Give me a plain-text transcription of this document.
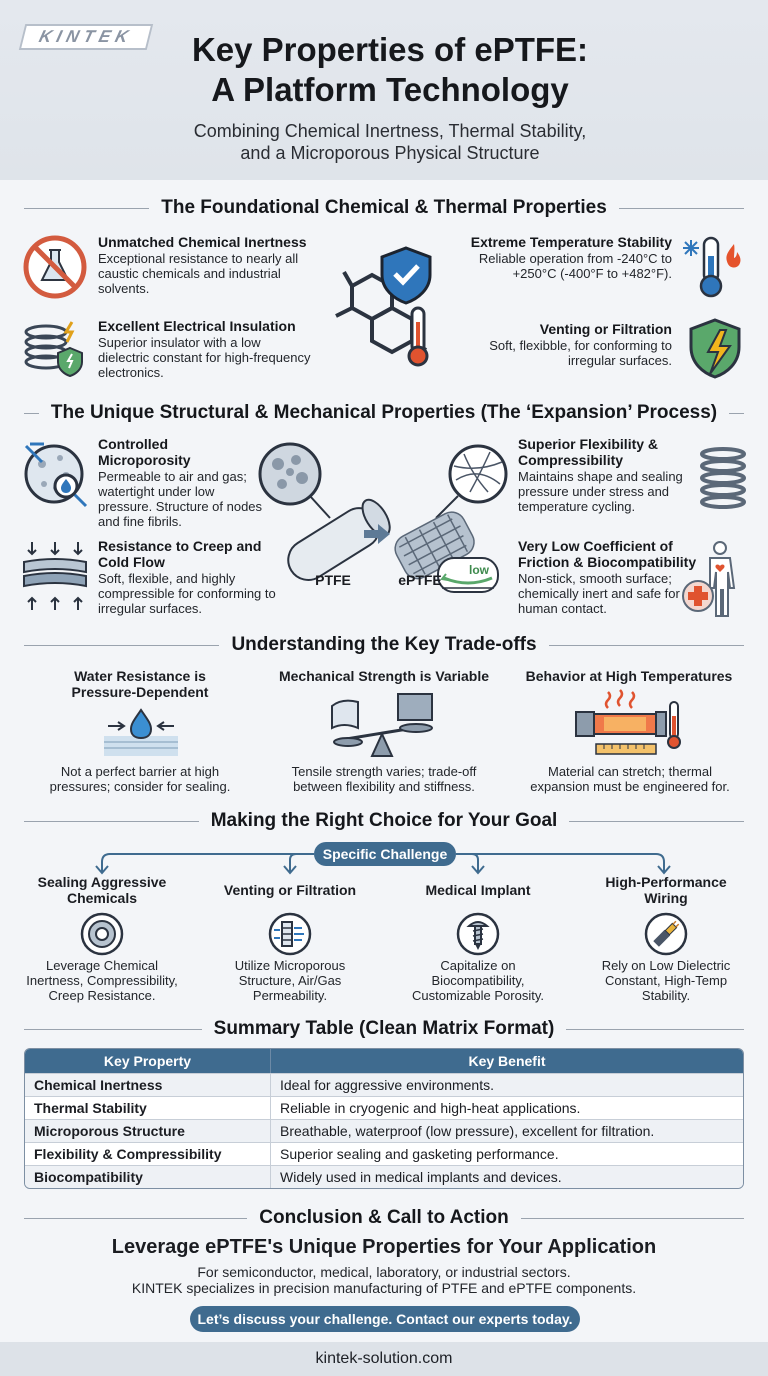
KINTEK	Key Properties of ePTFE:
A Platform Technology
Combining Chemical Inertness, Thermal Stability,
and a Microporous Physical Structure
The Foundational Chemical & Thermal Properties
Unmatched Chemical Inertness
Exceptional resistance to nearly all caustic chemicals and industrial solvents.
Excellent Electrical Insulation
Superior insulator with a low dielectric constant for high-frequency electronics.
Extreme Temperature Stability
Reliable operation from -240°C to +250°C (-400°F to +482°F).
Venting or Filtration
Soft, flexibble, for conforming to irregular surfaces.
The Unique Structural & Mechanical Properties (The ‘Expansion’ Process)
Controlled Microporosity
Permeable to air and gas; watertight under low pressure. Structure of nodes and fine fibrils.
Resistance to Creep and Cold Flow
Soft, flexible, and highly compressible for conforming to irregular surfaces.
PTFE	ePTFE
low
Superior Flexibility & Compressibility
Maintains shape and sealing pressure under stress and temperature cycling.
Very Low Coefficient of Friction & Biocompatibility
Non-stick, smooth surface; chemically inert and safe for human contact.
Understanding the Key Trade-offs
Water Resistance is Pressure-Dependent
Not a perfect barrier at high pressures; consider for sealing.
Mechanical Strength is Variable
Tensile strength varies; trade-off between flexibility and stiffness.
Behavior at High Temperatures
Material can stretch; thermal expansion must be engineered for.
Making the Right Choice for Your Goal
Specific Challenge
Sealing Aggressive Chemicals
Leverage Chemical Inertness, Compressibility, Creep Resistance.
Venting or Filtration
Utilize Microporous Structure, Air/Gas Permeability.
Medical Implant
Capitalize on Biocompatibility, Customizable Porosity.
High-Performance Wiring
Rely on Low Dielectric Constant, High-Temp Stability.
Summary Table (Clean Matrix Format)
Key Property	Key Benefit
Chemical Inertness	Ideal for aggressive environments.
Thermal Stability	Reliable in cryogenic and high-heat applications.
Microporous Structure	Breathable, waterproof (low pressure), excellent for filtration.
Flexibility & Compressibility	Superior sealing and gasketing performance.
Biocompatibility	Widely used in medical implants and devices.
Conclusion & Call to Action
Leverage ePTFE's Unique Properties for Your Application
For semiconductor, medical, laboratory, or industrial sectors.
KINTEK specializes in precision manufacturing of PTFE and ePTFE components.
Let’s discuss your challenge. Contact our experts today.
kintek-solution.com
